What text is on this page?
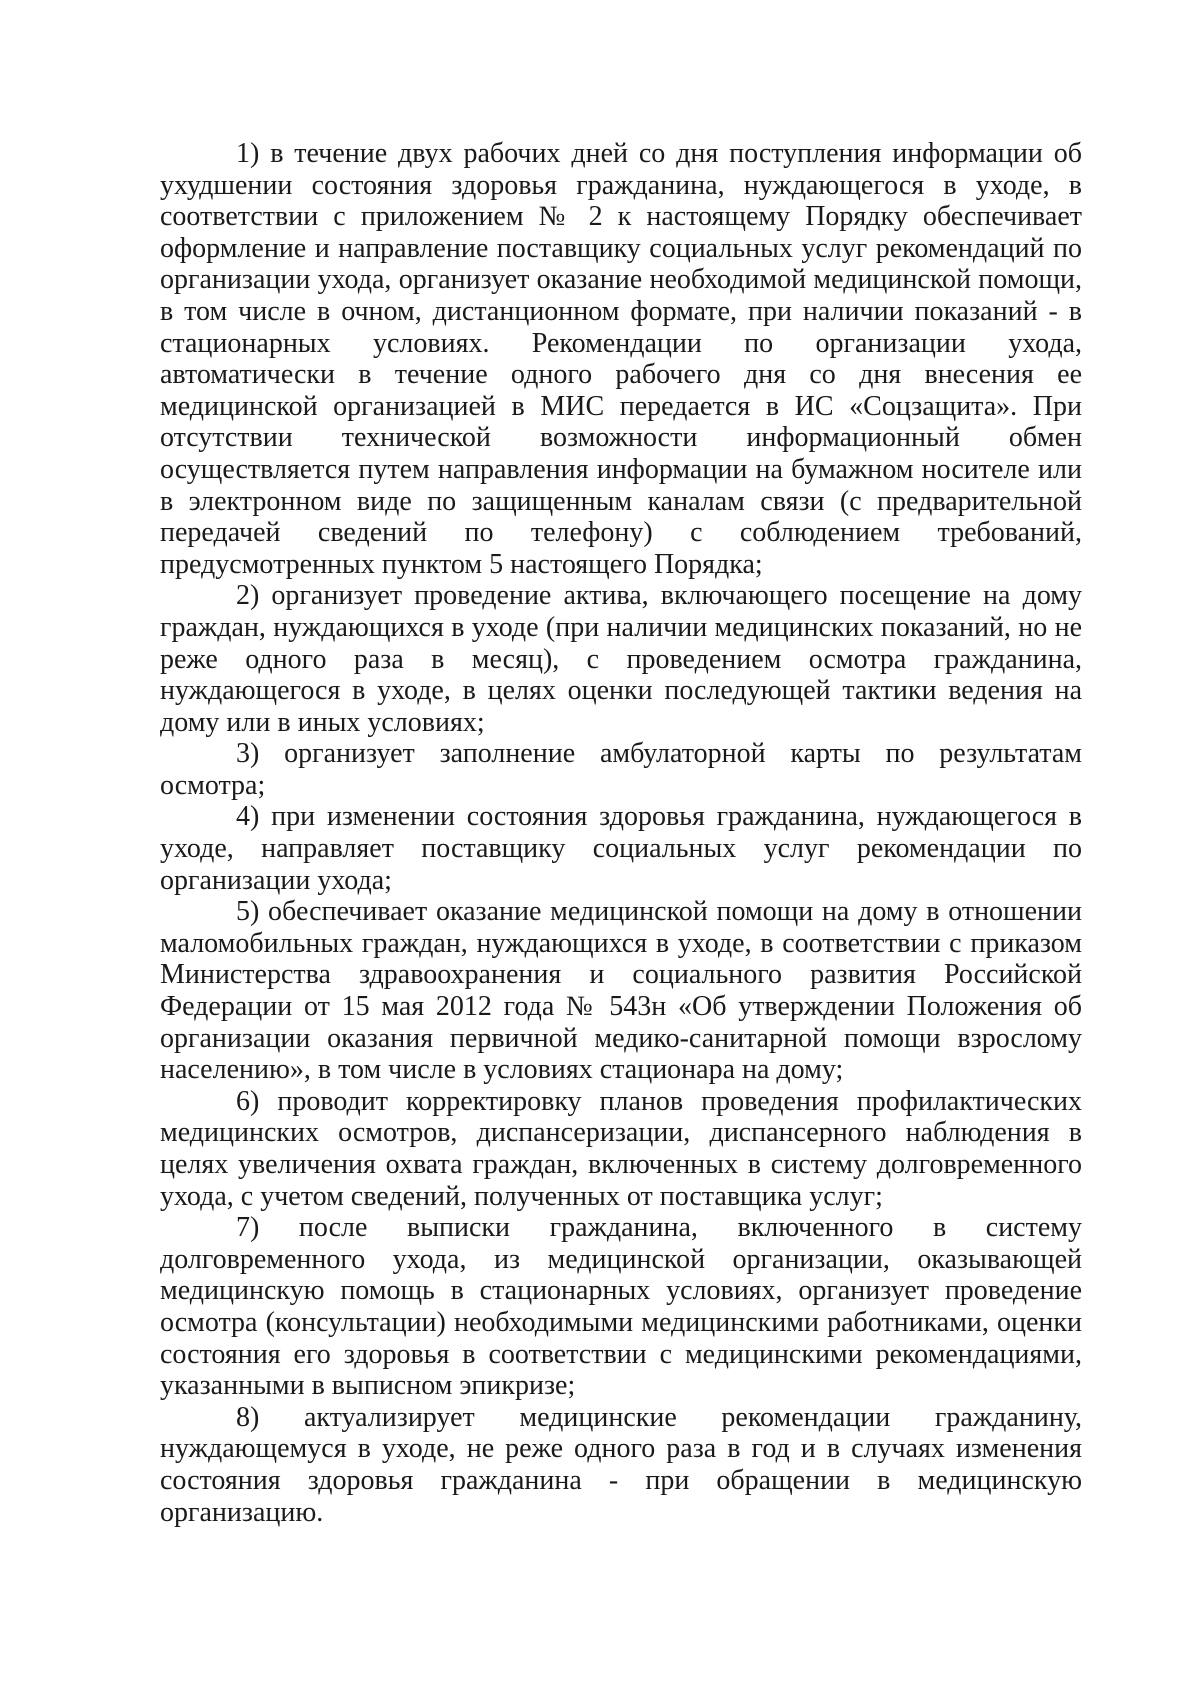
1) в течение двух рабочих дней со дня поступления информации об ухудшении состояния здоровья гражданина, нуждающегося в уходе, в соответствии с приложением № 2 к настоящему Порядку обеспечивает оформление и направление поставщику социальных услуг рекомендаций по организации ухода, организует оказание необходимой медицинской помощи, в том числе в очном, дистанционном формате, при наличии показаний - в стационарных условиях. Рекомендации по организации ухода, автоматически в течение одного рабочего дня со дня внесения ее медицинской организацией в МИС передается в ИС «Соцзащита». При отсутствии технической возможности информационный обмен осуществляется путем направления информации на бумажном носителе или в электронном виде по защищенным каналам связи (с предварительной передачей сведений по телефону) с соблюдением требований, предусмотренных пунктом 5 настоящего Порядка;

2) организует проведение актива, включающего посещение на дому граждан, нуждающихся в уходе (при наличии медицинских показаний, но не реже одного раза в месяц), с проведением осмотра гражданина, нуждающегося в уходе, в целях оценки последующей тактики ведения на дому или в иных условиях;

3) организует заполнение амбулаторной карты по результатам осмотра;

4) при изменении состояния здоровья гражданина, нуждающегося в уходе, направляет поставщику социальных услуг рекомендации по организации ухода;

5) обеспечивает оказание медицинской помощи на дому в отношении маломобильных граждан, нуждающихся в уходе, в соответствии с приказом Министерства здравоохранения и социального развития Российской Федерации от 15 мая 2012 года № 543н «Об утверждении Положения об организации оказания первичной медико-санитарной помощи взрослому населению», в том числе в условиях стационара на дому;

6) проводит корректировку планов проведения профилактических медицинских осмотров, диспансеризации, диспансерного наблюдения в целях увеличения охвата граждан, включенных в систему долговременного ухода, с учетом сведений, полученных от поставщика услуг;

7) после выписки гражданина, включенного в систему долговременного ухода, из медицинской организации, оказывающей медицинскую помощь в стационарных условиях, организует проведение осмотра (консультации) необходимыми медицинскими работниками, оценки состояния его здоровья в соответствии с медицинскими рекомендациями, указанными в выписном эпикризе;

8) актуализирует медицинские рекомендации гражданину, нуждающемуся в уходе, не реже одного раза в год и в случаях изменения состояния здоровья гражданина - при обращении в медицинскую организацию.
